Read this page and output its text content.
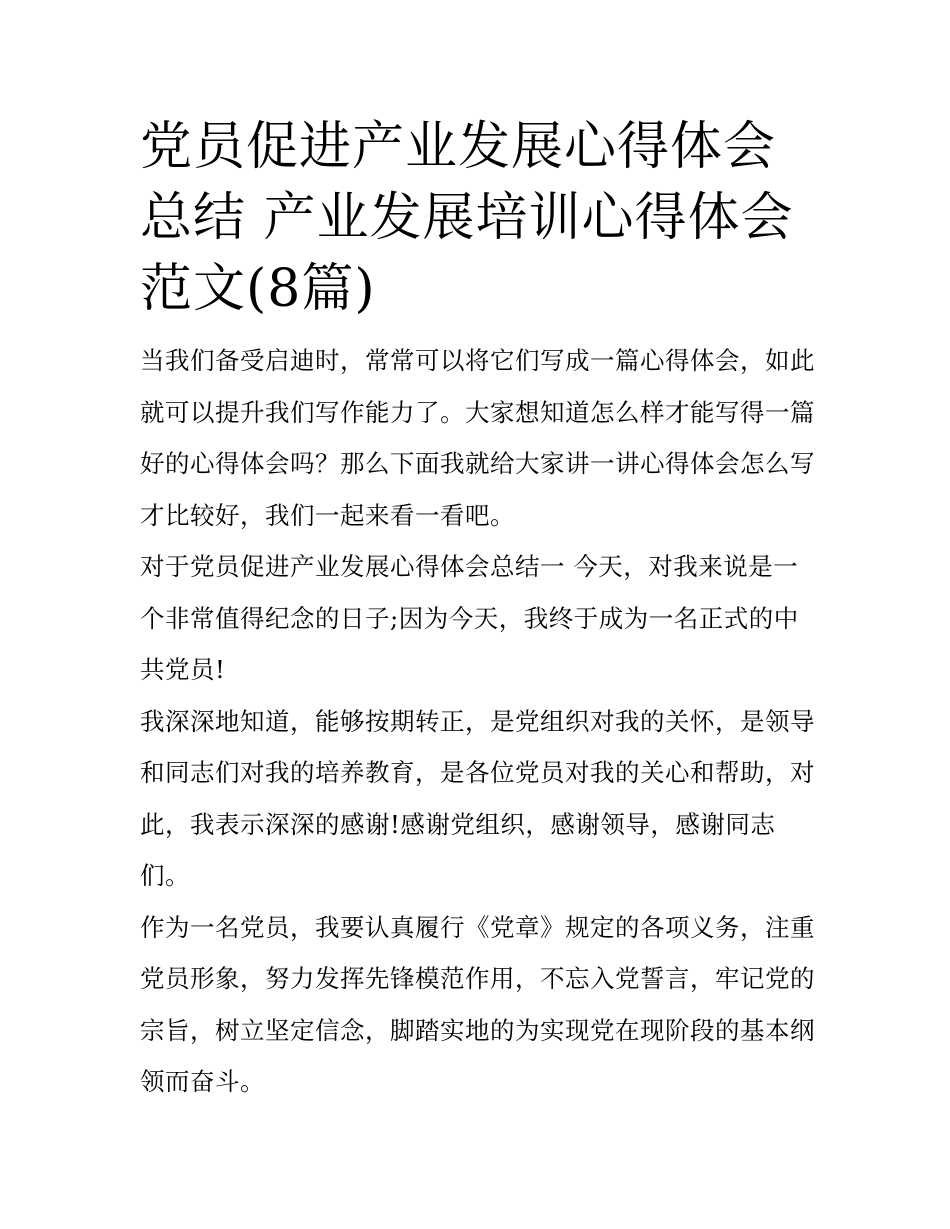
党员促进产业发展心得体会总结 产业发展培训心得体会范文(8篇)

当我们备受启迪时，常常可以将它们写成一篇心得体会，如此就可以提升我们写作能力了。大家想知道怎么样才能写得一篇好的心得体会吗？那么下面我就给大家讲一讲心得体会怎么写才比较好，我们一起来看一看吧。

对于党员促进产业发展心得体会总结一 今天，对我来说是一个非常值得纪念的日子;因为今天，我终于成为一名正式的中共党员!

我深深地知道，能够按期转正，是党组织对我的关怀，是领导和同志们对我的培养教育，是各位党员对我的关心和帮助，对此，我表示深深的感谢!感谢党组织，感谢领导，感谢同志们。

作为一名党员，我要认真履行《党章》规定的各项义务，注重党员形象，努力发挥先锋模范作用，不忘入党誓言，牢记党的宗旨，树立坚定信念，脚踏实地的为实现党在现阶段的基本纲领而奋斗。
